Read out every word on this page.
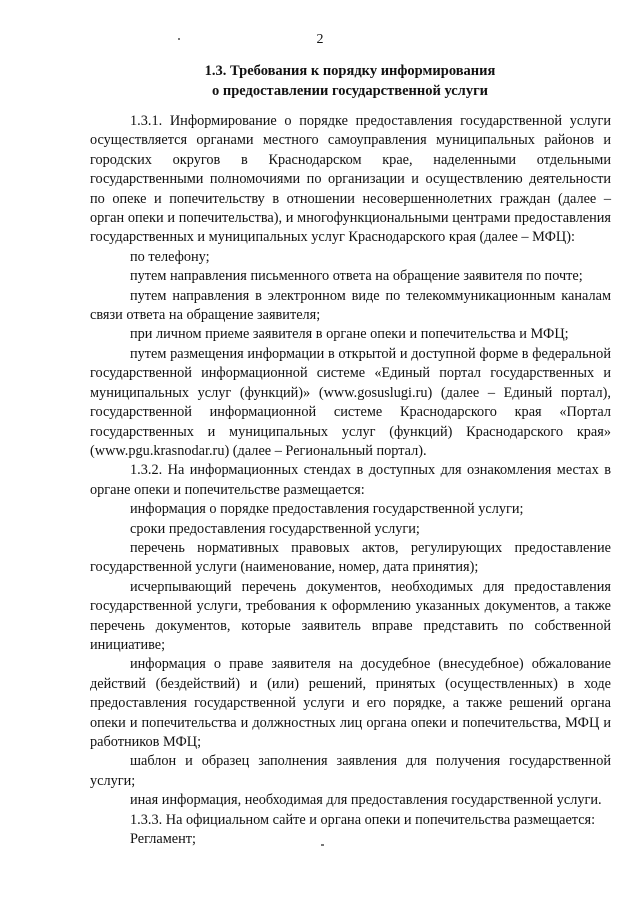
2
1.3. Требования к порядку информирования
о предоставлении государственной услуги

1.3.1. Информирование о порядке предоставления государственной услуги осуществляется органами местного самоуправления муниципальных районов и городских округов в Краснодарском крае, наделенными отдельными государственными полномочиями по организации и осуществлению деятельности по опеке и попечительству в отношении несовершеннолетних граждан (далее – орган опеки и попечительства), и многофункциональными центрами предоставления государственных и муниципальных услуг Краснодарского края (далее – МФЦ):

по телефону;

путем направления письменного ответа на обращение заявителя по почте;

путем направления в электронном виде по телекоммуникационным каналам связи ответа на обращение заявителя;

при личном приеме заявителя в органе опеки и попечительства и МФЦ;

путем размещения информации в открытой и доступной форме в федеральной государственной информационной системе «Единый портал государственных и муниципальных услуг (функций)» (www.gosuslugi.ru) (далее – Единый портал), государственной информационной системе Краснодарского края «Портал государственных и муниципальных услуг (функций) Краснодарского края» (www.pgu.krasnodar.ru) (далее – Региональный портал).

1.3.2. На информационных стендах в доступных для ознакомления местах в органе опеки и попечительстве размещается:

информация о порядке предоставления государственной услуги;

сроки предоставления государственной услуги;

перечень нормативных правовых актов, регулирующих предоставление государственной услуги (наименование, номер, дата принятия);

исчерпывающий перечень документов, необходимых для предоставления государственной услуги, требования к оформлению указанных документов, а также перечень документов, которые заявитель вправе представить по собственной инициативе;

информация о праве заявителя на досудебное (внесудебное) обжалование действий (бездействий) и (или) решений, принятых (осуществленных) в ходе предоставления государственной услуги и его порядке, а также решений органа опеки и попечительства и должностных лиц органа опеки и попечительства, МФЦ и работников МФЦ;

шаблон и образец заполнения заявления для получения государственной услуги;

иная информация, необходимая для предоставления государственной услуги.

1.3.3. На официальном сайте и органа опеки и попечительства размещается:

Регламент;
